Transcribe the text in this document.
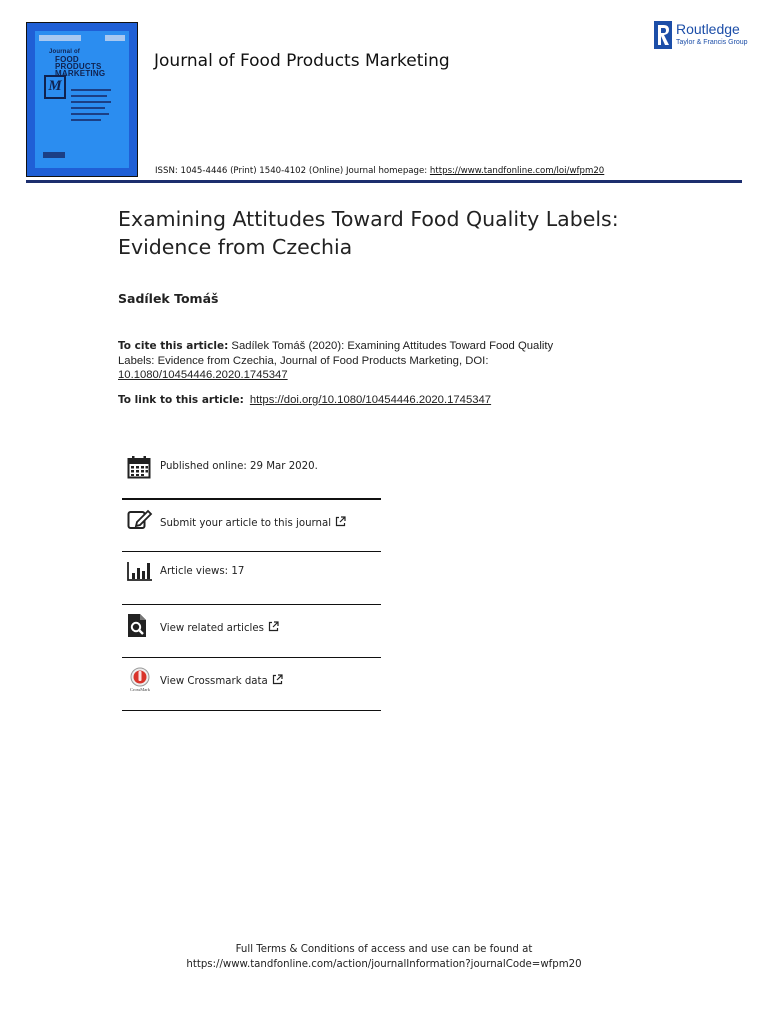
Journal of
FOOD
PRODUCTS
MARKETING
M
Journal of Food Products Marketing
Routledge
Taylor & Francis Group
ISSN: 1045-4446 (Print) 1540-4102 (Online) Journal homepage: https://www.tandfonline.com/loi/wfpm20
Examining Attitudes Toward Food Quality Labels: Evidence from Czechia
Sadílek Tomáš
To cite this article: Sadílek Tomáš (2020): Examining Attitudes Toward Food Quality Labels: Evidence from Czechia, Journal of Food Products Marketing, DOI: 10.1080/10454446.2020.1745347
To link to this article: https://doi.org/10.1080/10454446.2020.1745347
Published online: 29 Mar 2020.
Submit your article to this journal
Article views: 17
View related articles
CrossMark
View Crossmark data
Full Terms & Conditions of access and use can be found at
https://www.tandfonline.com/action/journalInformation?journalCode=wfpm20
